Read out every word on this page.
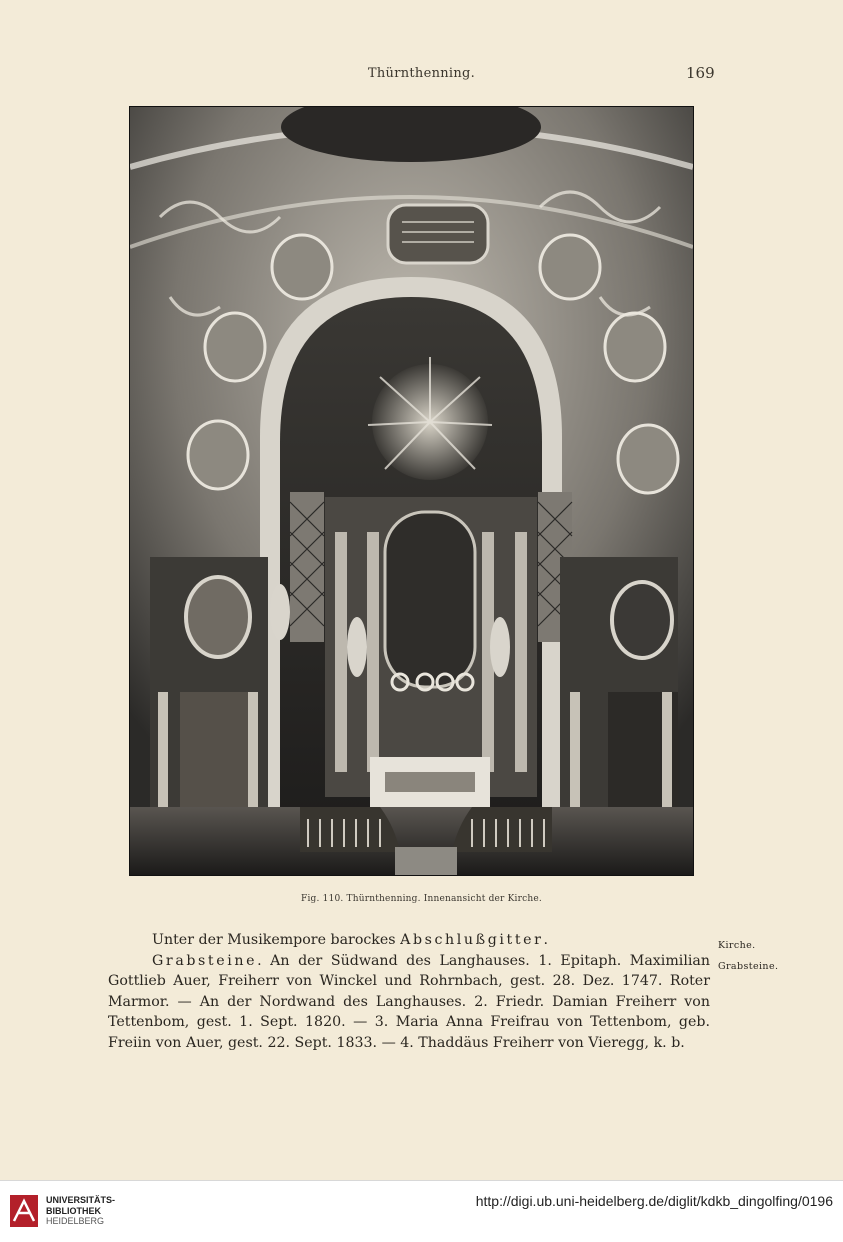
Thürnthenning.	169
Fig. 110. Thürnthenning. Innenansicht der Kirche.

Unter der Musikempore barockes Abschlußgitter.

Grabsteine. An der Südwand des Langhauses. 1. Epitaph. Maximilian Gottlieb Auer, Freiherr von Winckel und Rohrnbach, gest. 28. Dez. 1747. Roter Marmor. — An der Nordwand des Langhauses. 2. Friedr. Damian Freiherr von Tettenbom, gest. 1. Sept. 1820. — 3. Maria Anna Freifrau von Tettenbom, geb. Freiin von Auer, gest. 22. Sept. 1833. — 4. Thaddäus Freiherr von Vieregg, k. b.

Kirche.
Grabsteine.
UNIVERSITÄTS-
BIBLIOTHEK
HEIDELBERG
http://digi.ub.uni-heidelberg.de/diglit/kdkb_dingolfing/0196
